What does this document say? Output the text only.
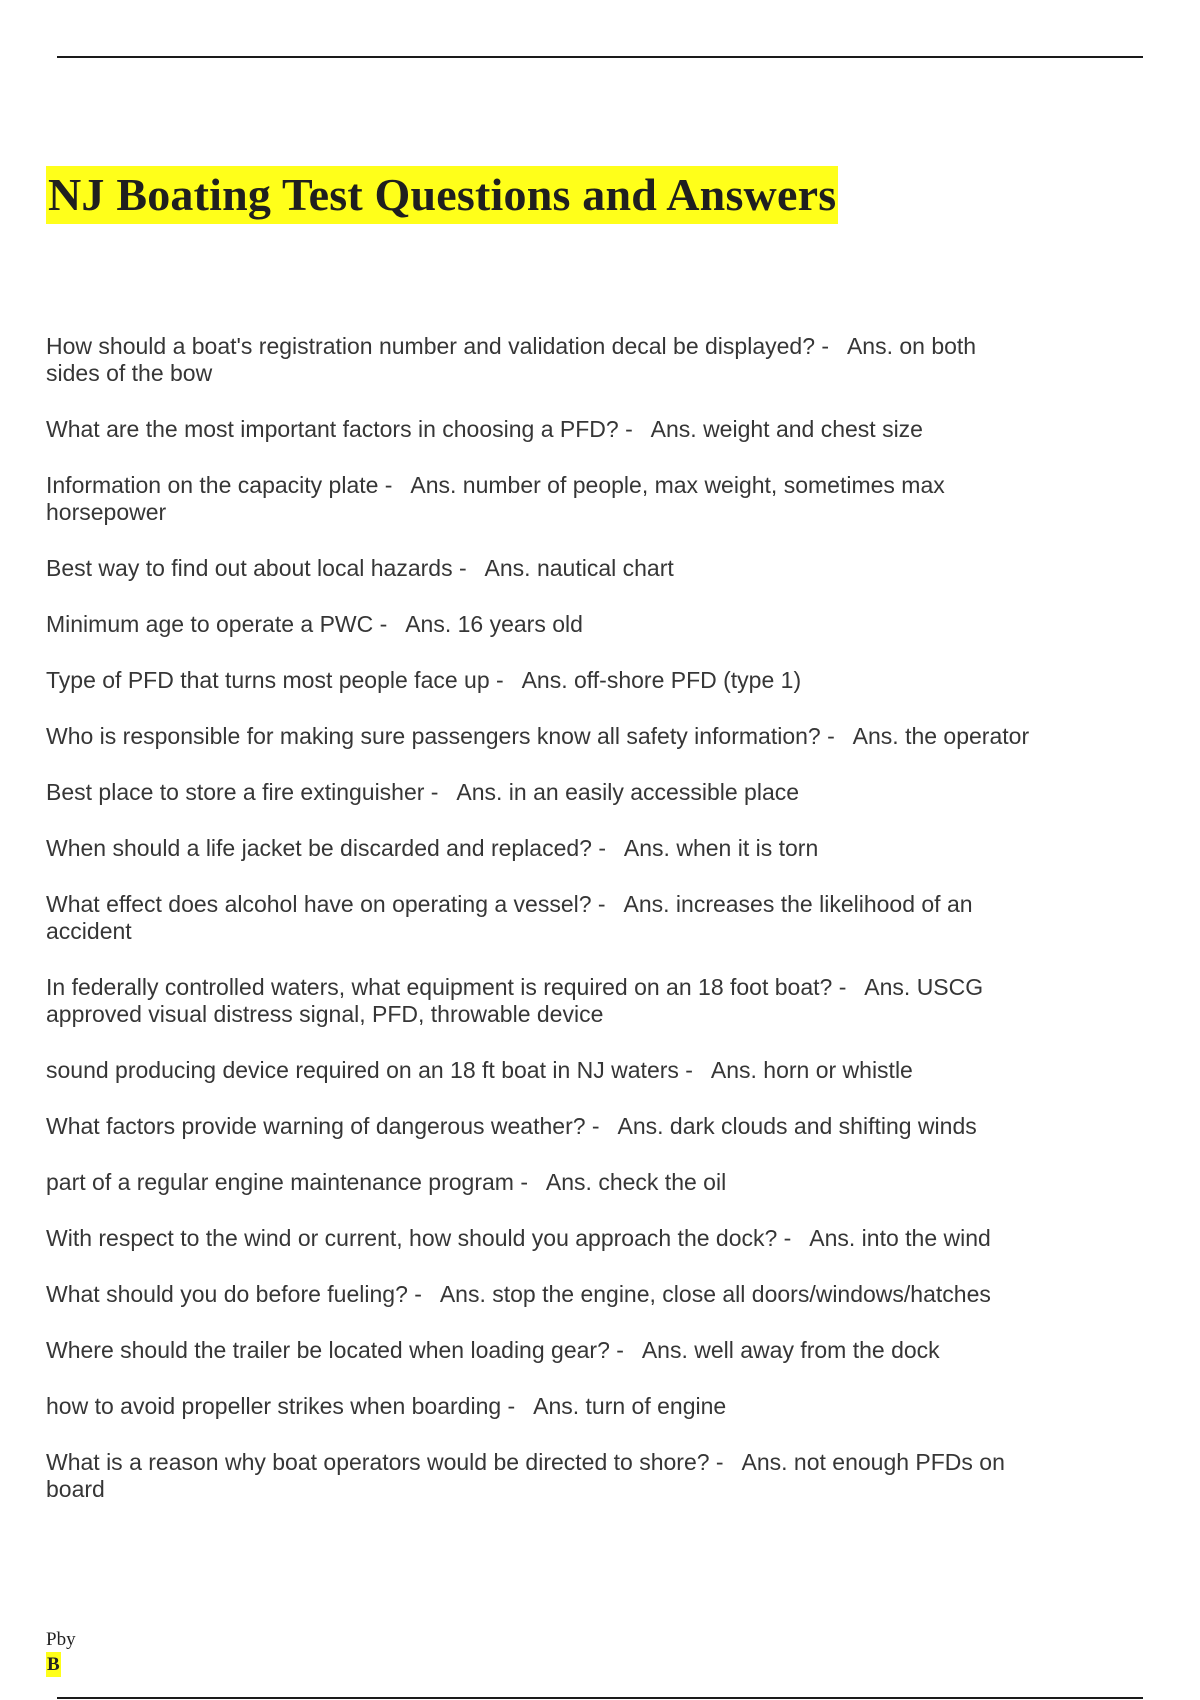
NJ Boating Test Questions and Answers
How should a boat's registration number and validation decal be displayed? - Ans. on both sides of the bow
What are the most important factors in choosing a PFD? - Ans. weight and chest size
Information on the capacity plate - Ans. number of people, max weight, sometimes max horsepower
Best way to find out about local hazards - Ans. nautical chart
Minimum age to operate a PWC - Ans. 16 years old
Type of PFD that turns most people face up - Ans. off-shore PFD (type 1)
Who is responsible for making sure passengers know all safety information? - Ans. the operator
Best place to store a fire extinguisher - Ans. in an easily accessible place
When should a life jacket be discarded and replaced? - Ans. when it is torn
What effect does alcohol have on operating a vessel? - Ans. increases the likelihood of an accident
In federally controlled waters, what equipment is required on an 18 foot boat? - Ans. USCG approved visual distress signal, PFD, throwable device
sound producing device required on an 18 ft boat in NJ waters - Ans. horn or whistle
What factors provide warning of dangerous weather? - Ans. dark clouds and shifting winds
part of a regular engine maintenance program - Ans. check the oil
With respect to the wind or current, how should you approach the dock? - Ans. into the wind
What should you do before fueling? - Ans. stop the engine, close all doors/windows/hatches
Where should the trailer be located when loading gear? - Ans. well away from the dock
how to avoid propeller strikes when boarding - Ans. turn of engine
What is a reason why boat operators would be directed to shore? - Ans. not enough PFDs on board
Pby
B
